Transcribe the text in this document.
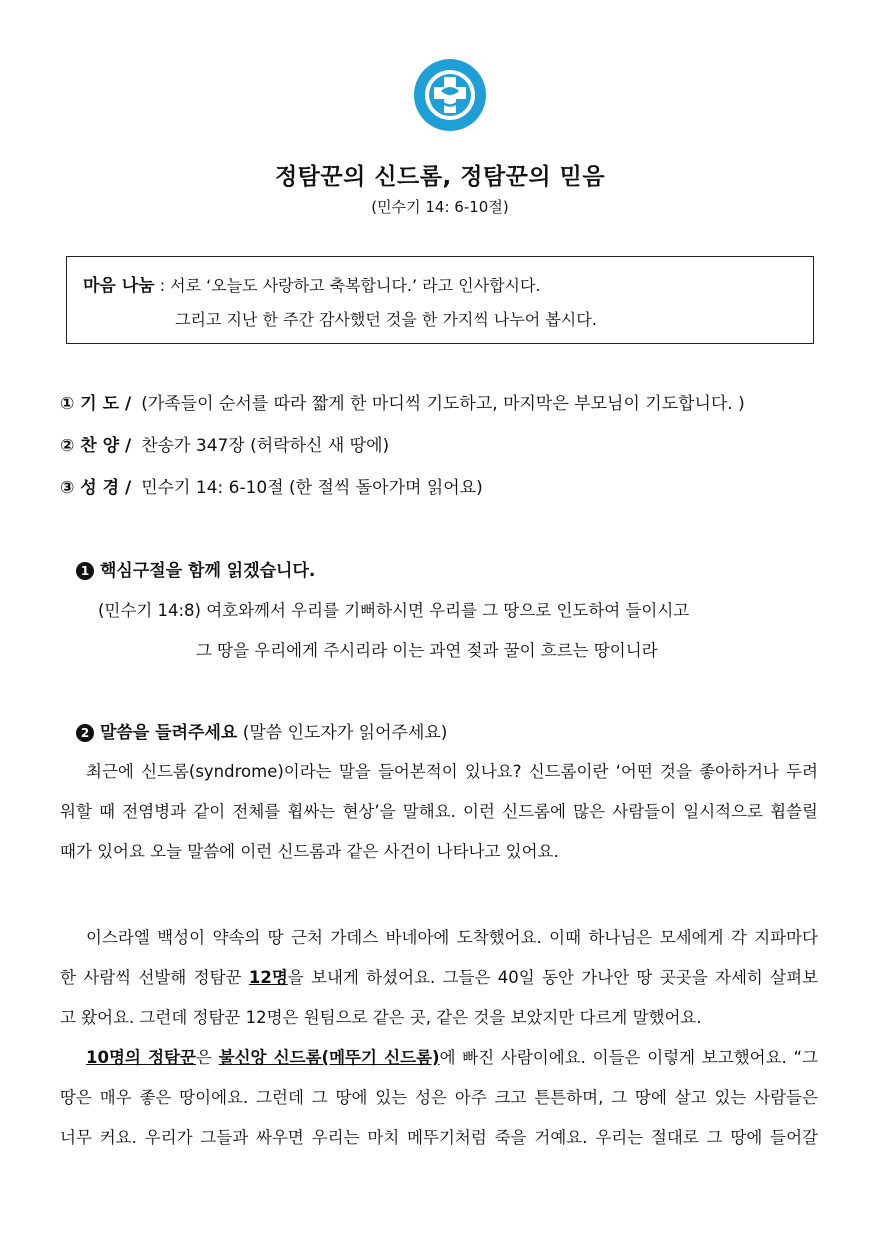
정탐꾼의 신드롬, 정탐꾼의 믿음
(민수기 14: 6-10절)
마음 나눔 : 서로 ‘오늘도 사랑하고 축복합니다.’ 라고 인사합시다.
그리고 지난 한 주간 감사했던 것을 한 가지씩 나누어 봅시다.
① 기 도 / (가족들이 순서를 따라 짧게 한 마디씩 기도하고, 마지막은 부모님이 기도합니다. )
② 찬 양 / 찬송가 347장 (허락하신 새 땅에)
③ 성 경 / 민수기 14: 6-10절 (한 절씩 돌아가며 읽어요)
1 핵심구절을 함께 읽겠습니다.
(민수기 14:8) 여호와께서 우리를 기뻐하시면 우리를 그 땅으로 인도하여 들이시고
그 땅을 우리에게 주시리라 이는 과연 젖과 꿀이 흐르는 땅이니라
2 말씀을 들려주세요 (말씀 인도자가 읽어주세요)
최근에 신드롬(syndrome)이라는 말을 들어본적이 있나요? 신드롬이란 ‘어떤 것을 좋아하거나 두려
워할 때 전염병과 같이 전체를 휩싸는 현상’을 말해요. 이런 신드롬에 많은 사람들이 일시적으로 휩쓸릴
때가 있어요 오늘 말씀에 이런 신드롬과 같은 사건이 나타나고 있어요.
이스라엘 백성이 약속의 땅 근처 가데스 바네아에 도착했어요. 이때 하나님은 모세에게 각 지파마다
한 사람씩 선발해 정탐꾼 12명을 보내게 하셨어요. 그들은 40일 동안 가나안 땅 곳곳을 자세히 살펴보
고 왔어요. 그런데 정탐꾼 12명은 원팀으로 같은 곳, 같은 것을 보았지만 다르게 말했어요.
10명의 정탐꾼은 불신앙 신드롬(메뚜기 신드롬)에 빠진 사람이에요. 이들은 이렇게 보고했어요. “그
땅은 매우 좋은 땅이에요. 그런데 그 땅에 있는 성은 아주 크고 튼튼하며, 그 땅에 살고 있는 사람들은
너무 커요. 우리가 그들과 싸우면 우리는 마치 메뚜기처럼 죽을 거예요. 우리는 절대로 그 땅에 들어갈
